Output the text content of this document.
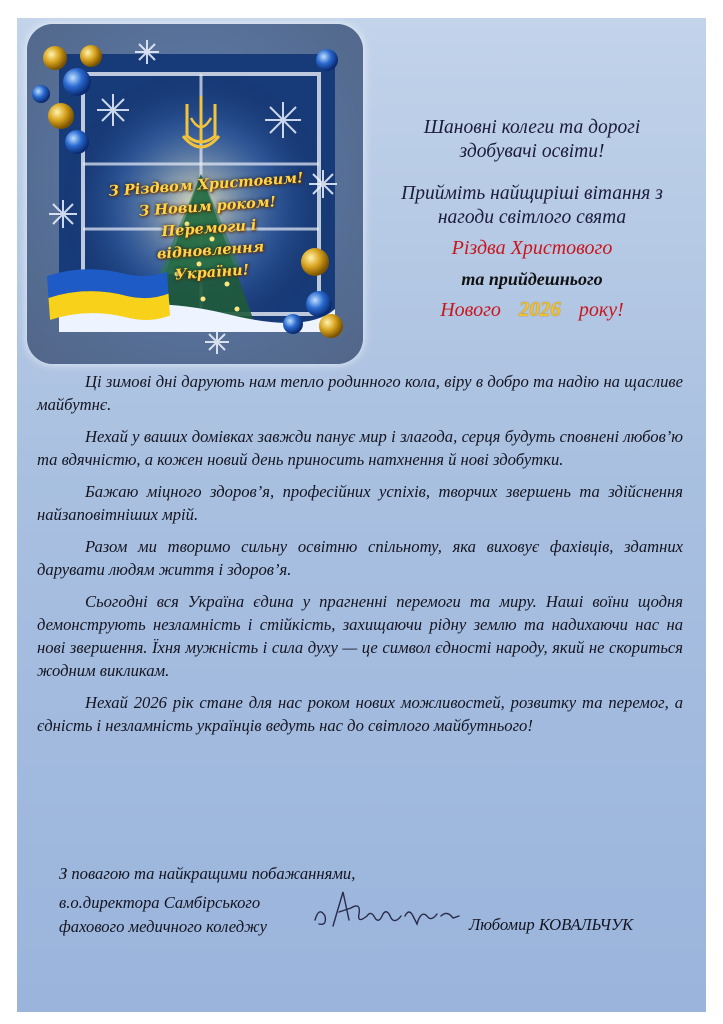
З Різдвом Христовим!
З Новим роком!
Перемоги і
відновлення
України!
Шановні колеги та дорогі
здобувачі освіти!
Прийміть найщиріші вітання з
нагоди світлого свята
Різдва Христового
та прийдешнього
Нового 2026 року!

Ці зимові дні дарують нам тепло родинного кола, віру в добро та надію на щасливе майбутнє.

Нехай у ваших домівках завжди панує мир і злагода, серця будуть сповнені любов’ю та вдячністю, а кожен новий день приносить натхнення й нові здобутки.

Бажаю міцного здоров’я, професійних успіхів, творчих звершень та здійснення найзаповітніших мрій.

Разом ми творимо сильну освітню спільноту, яка виховує фахівців, здатних дарувати людям життя і здоров’я.

Сьогодні вся Україна єдина у прагненні перемоги та миру. Наші воїни щодня демонструють незламність і стійкість, захищаючи рідну землю та надихаючи нас на нові звершення. Їхня мужність і сила духу — це символ єдності народу, який не скориться жодним викликам.

Нехай 2026 рік стане для нас роком нових можливостей, розвитку та перемог, а єдність і незламність українців ведуть нас до світлого майбутнього!

З повагою та найкращими побажаннями,
в.о.директора Самбірського
фахового медичного коледжу	Любомир КОВАЛЬЧУК
